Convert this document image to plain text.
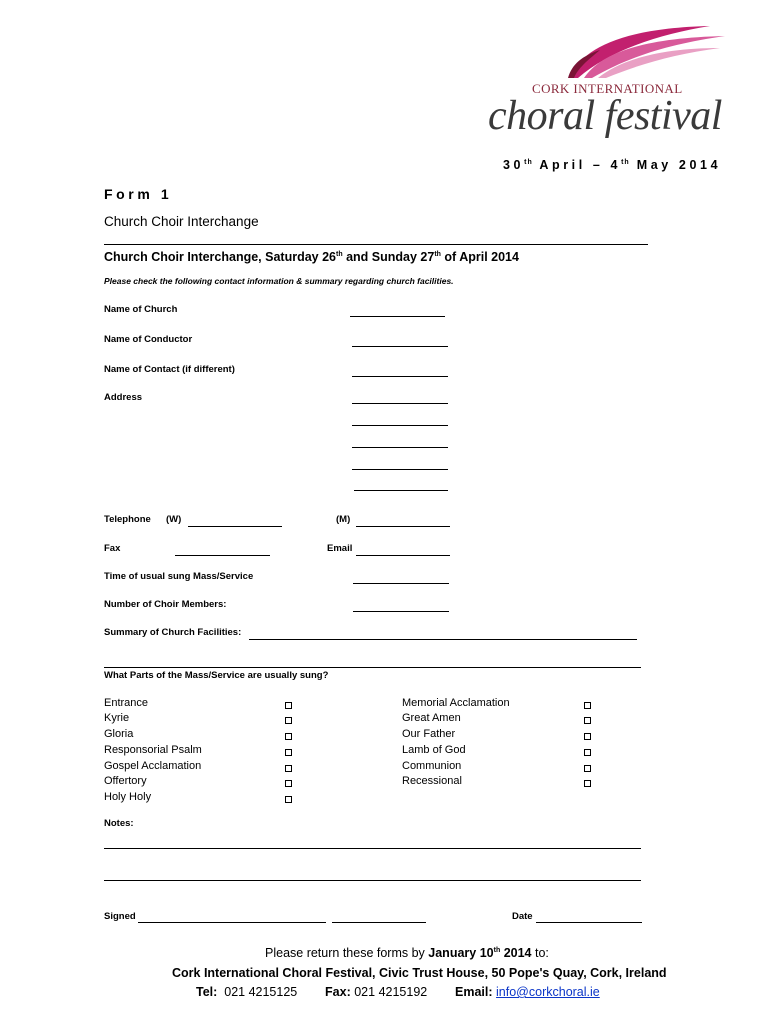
CORK INTERNATIONAL
choral festival
30th April – 4th May 2014
Form 1
Church Choir Interchange
Church Choir Interchange, Saturday 26th and Sunday 27th of April 2014
Please check the following contact information & summary regarding church facilities.
Name of Church
Name of Conductor
Name of Contact (if different)
Address
Telephone (W)	(M)
Fax	Email
Time of usual sung Mass/Service
Number of Choir Members:
Summary of Church Facilities:
What Parts of the Mass/Service are usually sung?
Entrance
Kyrie
Gloria
Responsorial Psalm
Gospel Acclamation
Offertory
Holy Holy
Memorial Acclamation
Great Amen
Our Father
Lamb of God
Communion
Recessional
Notes:
Signed	Date
Please return these forms by January 10th 2014 to:
Cork International Choral Festival, Civic Trust House, 50 Pope's Quay, Cork, Ireland
Tel: 021 4215125 Fax: 021 4215192 Email: info@corkchoral.ie
